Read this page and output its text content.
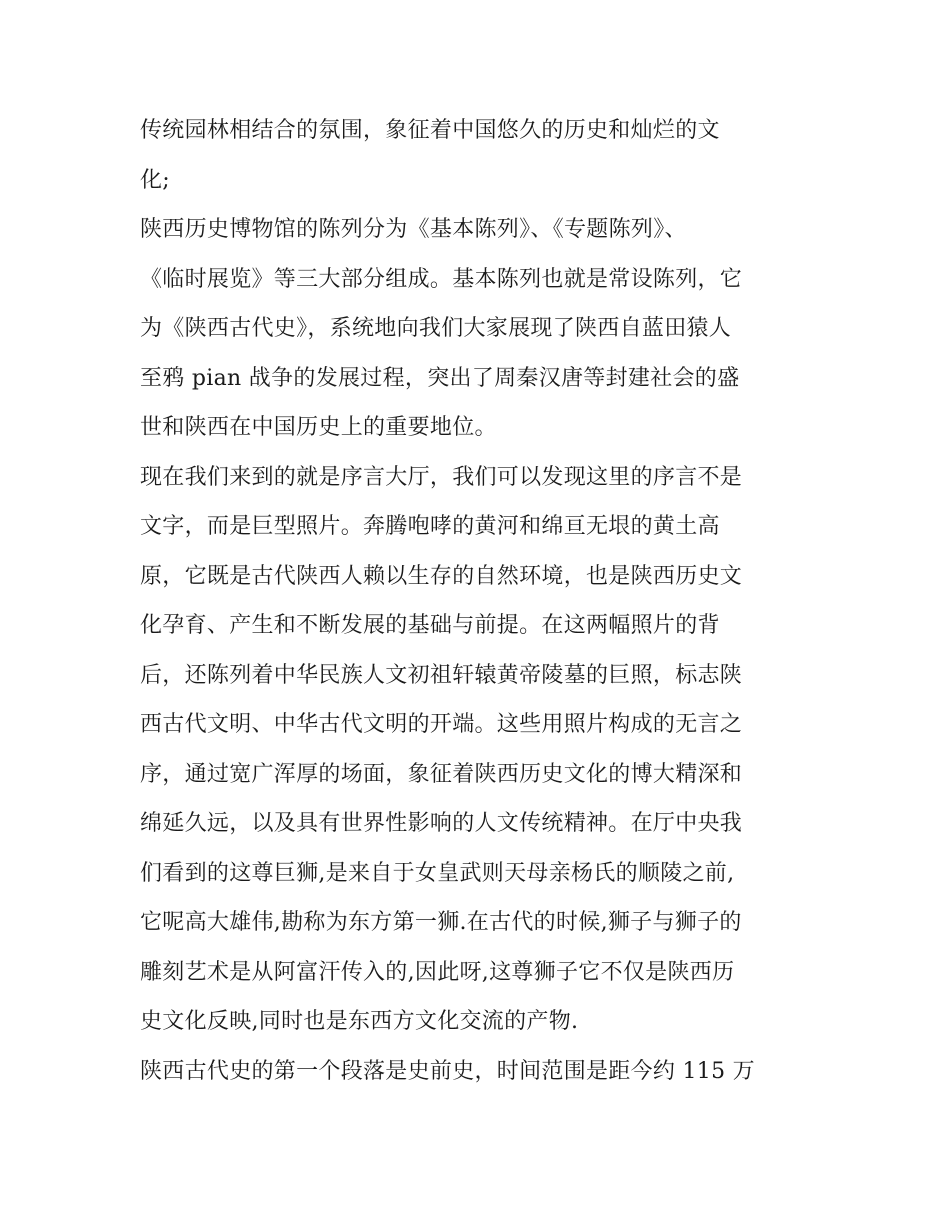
传统园林相结合的氛围，象征着中国悠久的历史和灿烂的文
化;

陕西历史博物馆的陈列分为《基本陈列》、《专题陈列》、
《临时展览》等三大部分组成。基本陈列也就是常设陈列，它
为《陕西古代史》，系统地向我们大家展现了陕西自蓝田猿人
至鸦 pian 战争的发展过程，突出了周秦汉唐等封建社会的盛
世和陕西在中国历史上的重要地位。

现在我们来到的就是序言大厅，我们可以发现这里的序言不是
文字，而是巨型照片。奔腾咆哮的黄河和绵亘无垠的黄土高
原，它既是古代陕西人赖以生存的自然环境，也是陕西历史文
化孕育、产生和不断发展的基础与前提。在这两幅照片的背
后，还陈列着中华民族人文初祖轩辕黄帝陵墓的巨照，标志陕
西古代文明、中华古代文明的开端。这些用照片构成的无言之
序，通过宽广浑厚的场面，象征着陕西历史文化的博大精深和
绵延久远，以及具有世界性影响的人文传统精神。在厅中央我
们看到的这尊巨狮,是来自于女皇武则天母亲杨氏的顺陵之前,
它呢高大雄伟,勘称为东方第一狮.在古代的时候,狮子与狮子的
雕刻艺术是从阿富汗传入的,因此呀,这尊狮子它不仅是陕西历
史文化反映,同时也是东西方文化交流的产物.

陕西古代史的第一个段落是史前史，时间范围是距今约 115 万
